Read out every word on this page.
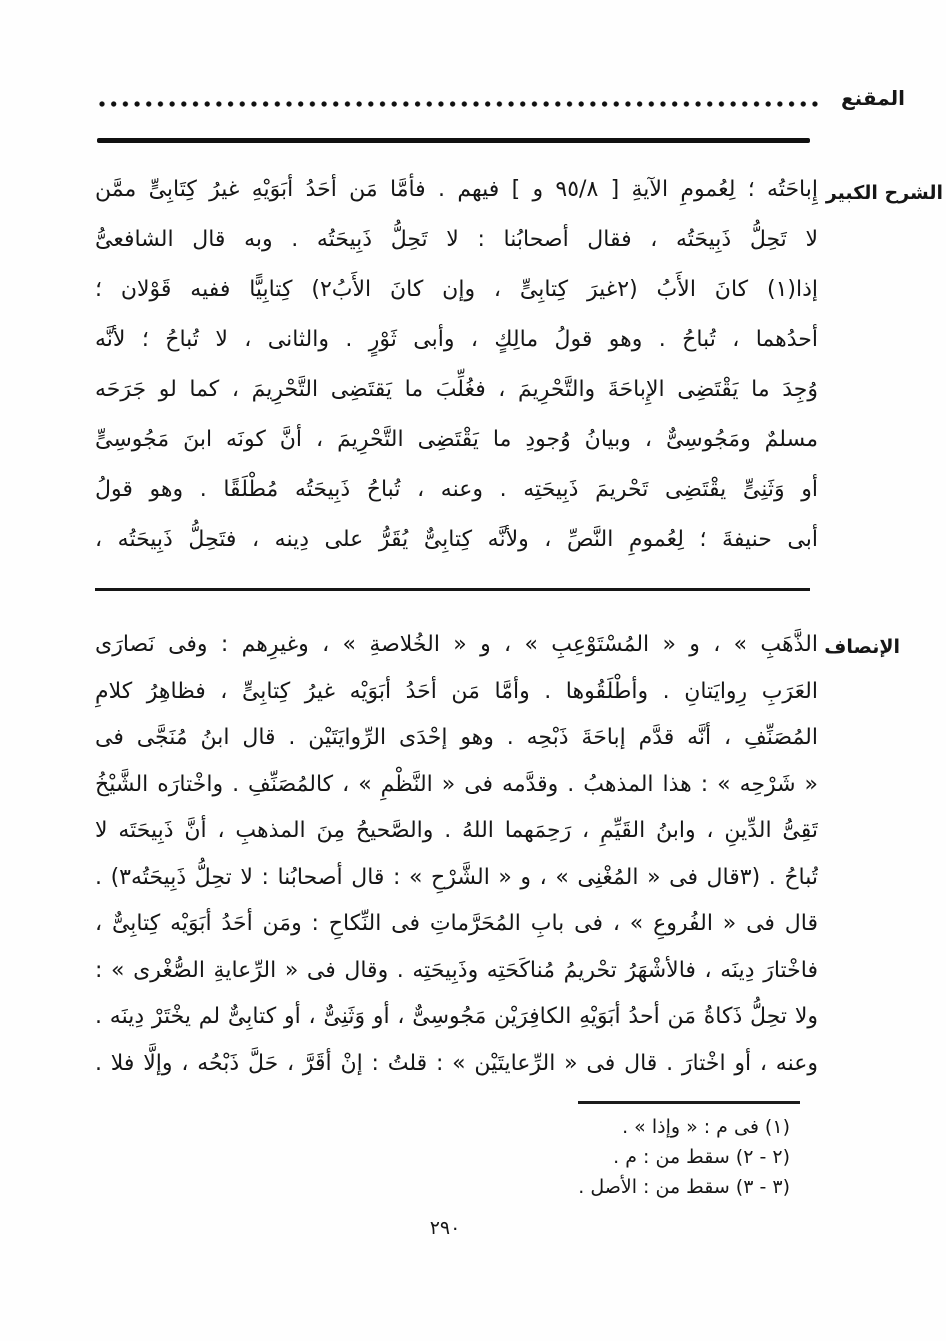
المقنع
الشرح الكبير
إِباحَتُه ؛ لِعُمومِ الآيةِ [ ٩٥/٨ و ] فيهم . فأمَّا مَن أحَدُ أبَوَيْهِ غيرُ كِتَابِىٍّ ممَّن
لا تَحِلُّ ذَبِيحَتُه ، فقال أصحابُنا : لا تَحِلُّ ذَبِيحَتُه . وبه قال الشافعىُّ
إذا(١) كانَ الأَبُ (٢غيرَ كِتابِىٍّ ، وإن كانَ الأَبُ٢) كِتابِيًّا ففيه قَوْلان ؛
أحدُهما ، تُباحُ . وهو قولُ مالِكٍ ، وأبى ثَوْرٍ . والثانى ، لا تُباحُ ؛ لأنَّه
وُجِدَ ما يَقْتَضِى الإِباحَةَ والتَّحْرِيمَ ، فغُلِّبَ ما يَقتَضِى التَّحْرِيمَ ، كما لو جَرَحَه
مسلمٌ ومَجُوسِىٌّ ، وبيانُ وُجودِ ما يَقْتَضِى التَّحْرِيمَ ، أنَّ كونَه ابنَ مَجُوسِىٍّ
أو وَثَنِىٍّ يقْتَضِى تَحْريمَ ذَبِيحَتِه . وعنه ، تُباحُ ذَبِيحَتُه مُطْلَقًا . وهو قولُ
أبى حنيفةَ ؛ لِعُمومِ النَّصِّ ، ولأنَّه كِتابِىٌّ يُقَرُّ على دِينه ، فتَحِلُّ ذَبِيحَتُه ،
الإنصاف
الذَّهَبِ » ، و « المُسْتَوْعِبِ » ، و « الخُلاصةِ » ، وغيرِهم : وفى نَصارَى
العَرَبِ رِوايَتانِ . وأطْلَقُوها . وأمَّا مَن أحَدُ أبَوَيْه غيرُ كِتابِىٍّ ، فظاهِرُ كلامِ
المُصَنِّفِ ، أنَّه قدَّم إباحَةَ ذَبْحِه . وهو إحْدَى الرِّوايَتَيْن . قال ابنُ مُنَجَّى فى
« شَرْحِه » : هذا المذهبُ . وقدَّمه فى « النَّظْمِ » ، كالمُصَنِّفِ . واخْتارَه الشَّيْخُ
تَقِىُّ الدِّينِ ، وابنُ القَيِّمِ ، رَحِمَهما اللهُ . والصَّحيحُ مِنَ المذهبِ ، أنَّ ذَبِيحَتَه لا
تُباحُ . (٣قال فى « المُغْنِى » ، و « الشَّرْحِ » : قال أصحابُنا : لا تحِلُّ ذَبِيحَتُه٣) .
قال فى « الفُروعِ » ، فى بابِ المُحَرَّماتِ فى النِّكاحِ : ومَن أحَدُ أبَوَيْه كِتابِىٌّ ،
فاخْتارَ دِينَه ، فالأشْهَرُ تحْريمُ مُناكَحَتِه وذَبِيحَتِه . وقال فى « الرِّعايةِ الصُّغْرى » :
ولا تحِلُّ ذَكاةُ مَن أحدُ أبَوَيْهِ الكافِرَيْن مَجُوسِىٌّ ، أو وَثَنِىٌّ ، أو كتابِىٌّ لم يخْتَرْ دِينَه .
وعنه ، أو اخْتارَ . قال فى « الرِّعايتَيْن » : قلتُ : إنْ أقَرَّ ، حَلَّ ذَبْحُه ، وإلَّا فلا .
(١) فى م : « وإذا » .
(٢ - ٢) سقط من : م .
(٣ - ٣) سقط من : الأصل .
٢٩٠
